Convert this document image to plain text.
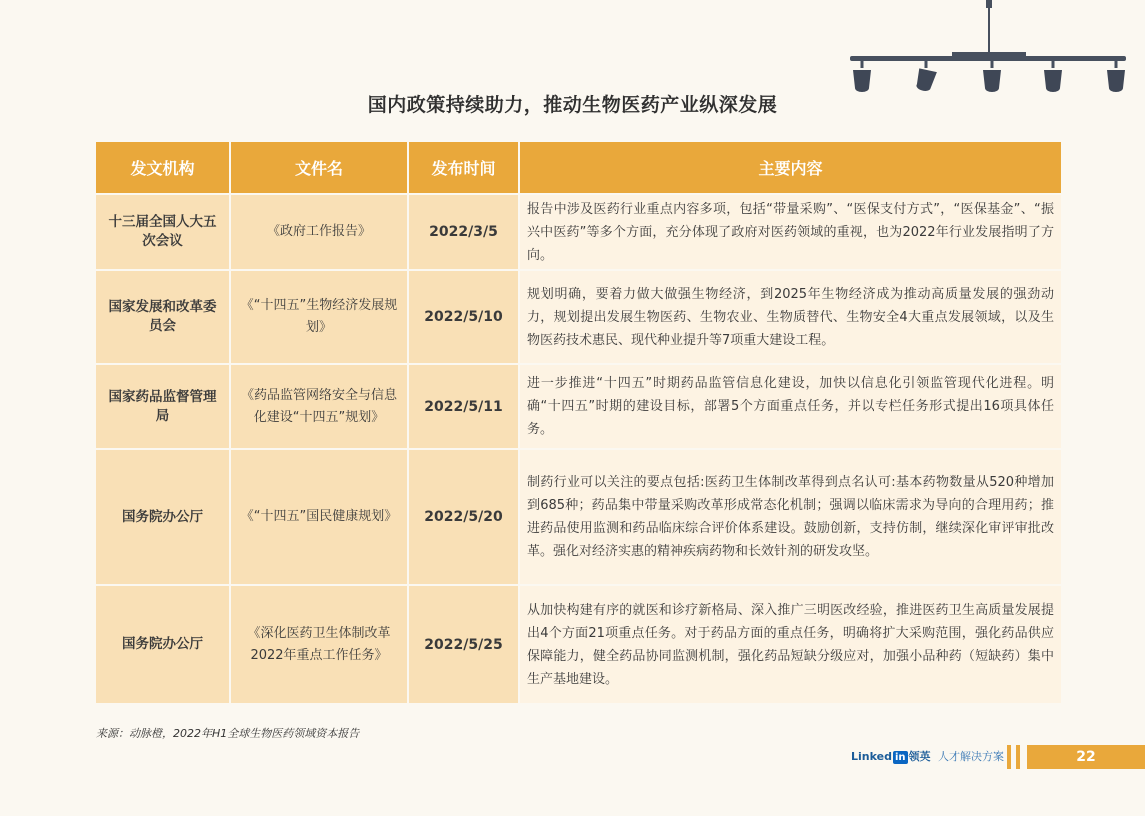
国内政策持续助力，推动生物医药产业纵深发展
发文机构	文件名	发布时间	主要内容
十三届全国人大五次会议	《政府工作报告》	2022/3/5	报告中涉及医药行业重点内容多项，包括“带量采购”、“医保支付方式”，“医保基金”、“振兴中医药”等多个方面，充分体现了政府对医药领域的重视，也为2022年行业发展指明了方向。
国家发展和改革委员会	《“十四五”生物经济发展规划》	2022/5/10	规划明确，要着力做大做强生物经济，到2025年生物经济成为推动高质量发展的强劲动力，规划提出发展生物医药、生物农业、生物质替代、生物安全4大重点发展领域，以及生物医药技术惠民、现代种业提升等7项重大建设工程。
国家药品监督管理局	《药品监管网络安全与信息化建设“十四五”规划》	2022/5/11	进一步推进“十四五”时期药品监管信息化建设，加快以信息化引领监管现代化进程。明确“十四五”时期的建设目标，部署5个方面重点任务，并以专栏任务形式提出16项具体任务。
国务院办公厅	《“十四五”国民健康规划》	2022/5/20	制药行业可以关注的要点包括:医药卫生体制改革得到点名认可:基本药物数量从520种增加到685种；药品集中带量采购改革形成常态化机制；强调以临床需求为导向的合理用药；推进药品使用监测和药品临床综合评价体系建设。鼓励创新，支持仿制，继续深化审评审批改革。强化对经济实惠的精神疾病药物和长效针剂的研发攻坚。
国务院办公厅	《深化医药卫生体制改革2022年重点工作任务》	2022/5/25	从加快构建有序的就医和诊疗新格局、深入推广三明医改经验，推进医药卫生高质量发展提出4个方面21项重点任务。对于药品方面的重点任务，明确将扩大采购范围，强化药品供应保障能力，健全药品协同监测机制，强化药品短缺分级应对，加强小品种药（短缺药）集中生产基地建设。
来源：动脉橙，2022年H1全球生物医药领域资本报告
Linked in 领英 人才解决方案	22
